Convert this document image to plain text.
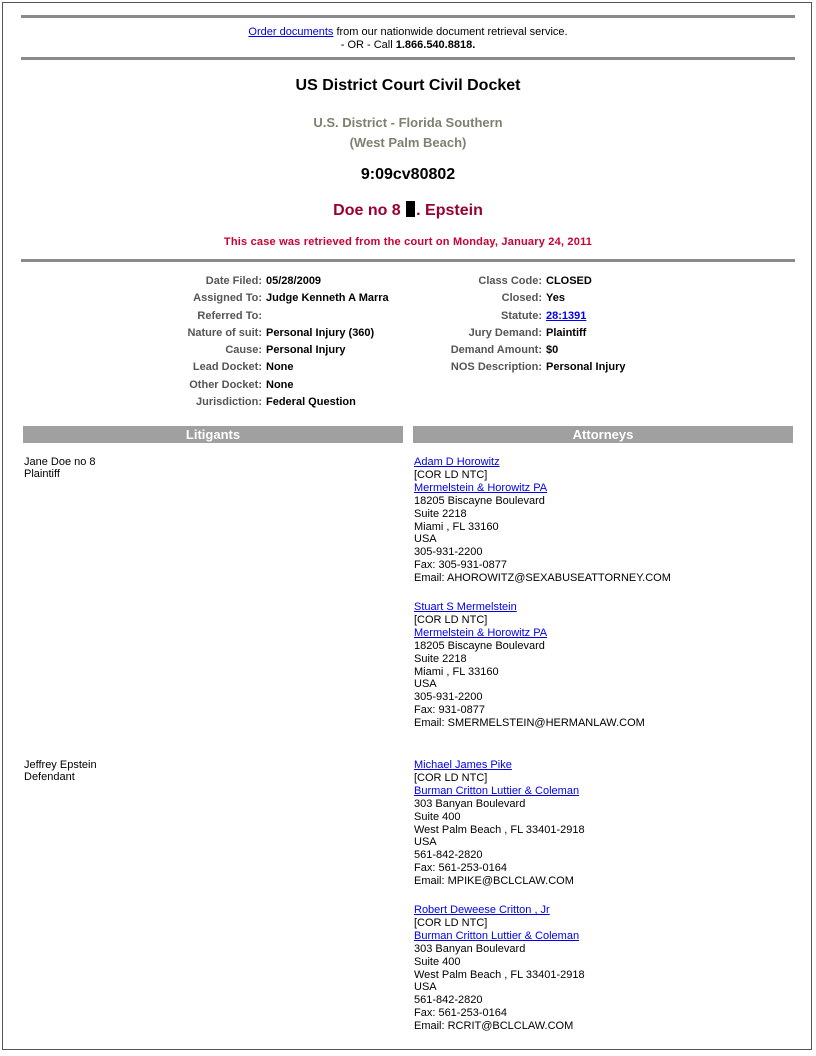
Order documents from our nationwide document retrieval service.
- OR - Call 1.866.540.8818.
US District Court Civil Docket
U.S. District - Florida Southern
(West Palm Beach)
9:09cv80802
Doe no 8 . Epstein
This case was retrieved from the court on Monday, January 24, 2011
Date Filed: 05/28/2009
Assigned To: Judge Kenneth A Marra
Referred To:
Nature of suit: Personal Injury (360)
Cause: Personal Injury
Lead Docket: None
Other Docket: None
Jurisdiction: Federal Question
Class Code: CLOSED
Closed: Yes
Statute: 28:1391
Jury Demand: Plaintiff
Demand Amount: $0
NOS Description: Personal Injury
Litigants	Attorneys
Jane Doe no 8
Plaintiff
Adam D Horowitz
[COR LD NTC]
Mermelstein & Horowitz PA
18205 Biscayne Boulevard
Suite 2218
Miami , FL 33160
USA
305-931-2200
Fax: 305-931-0877
Email: AHOROWITZ@SEXABUSEATTORNEY.COM
Stuart S Mermelstein
[COR LD NTC]
Mermelstein & Horowitz PA
18205 Biscayne Boulevard
Suite 2218
Miami , FL 33160
USA
305-931-2200
Fax: 931-0877
Email: SMERMELSTEIN@HERMANLAW.COM
Jeffrey Epstein
Defendant
Michael James Pike
[COR LD NTC]
Burman Critton Luttier & Coleman
303 Banyan Boulevard
Suite 400
West Palm Beach , FL 33401-2918
USA
561-842-2820
Fax: 561-253-0164
Email: MPIKE@BCLCLAW.COM
Robert Deweese Critton , Jr
[COR LD NTC]
Burman Critton Luttier & Coleman
303 Banyan Boulevard
Suite 400
West Palm Beach , FL 33401-2918
USA
561-842-2820
Fax: 561-253-0164
Email: RCRIT@BCLCLAW.COM
